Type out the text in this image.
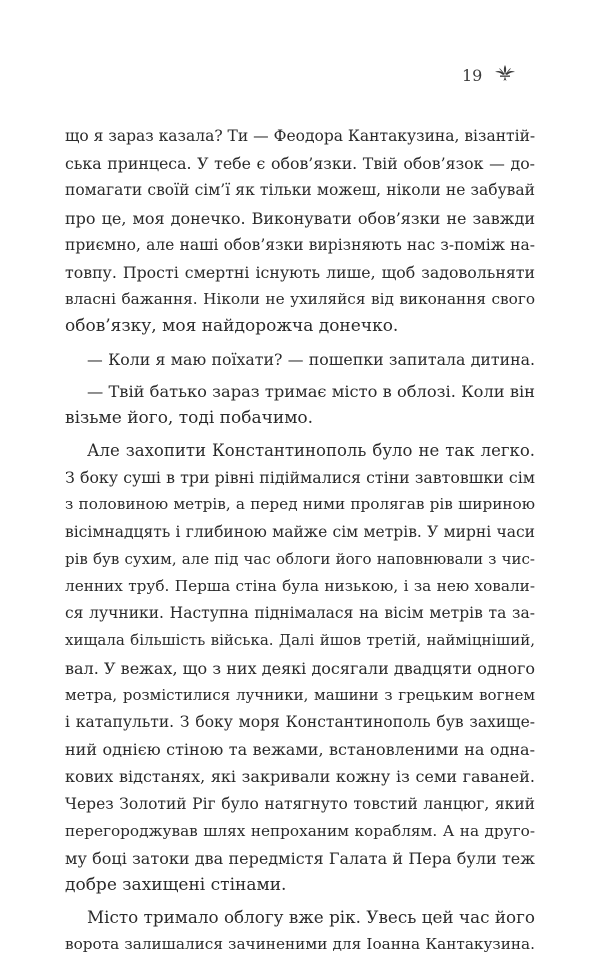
19
що я зараз казала? Ти — Феодора Кантакузина, візантій-
ська принцеса. У тебе є обов’язки. Твій обов’язок — до-
помагати своїй сім’ї як тільки можеш, ніколи не забувай
про це, моя донечко. Виконувати обов’язки не завжди
приємно, але наші обов’язки вирізняють нас з-поміж на-
товпу. Прості смертні існують лише, щоб задовольняти
власні бажання. Ніколи не ухиляйся від виконання свого
обов’язку, моя найдорожча донечко.
— Коли я маю поїхати? — пошепки запитала дитина.
— Твій батько зараз тримає місто в облозі. Коли він
візьме його, тоді побачимо.
Але захопити Константинополь було не так легко.
З боку суші в три рівні підіймалися стіни завтовшки сім
з половиною метрів, а перед ними пролягав рів шириною
вісімнадцять і глибиною майже сім метрів. У мирні часи
рів був сухим, але під час облоги його наповнювали з чис-
ленних труб. Перша стіна була низькою, і за нею ховали-
ся лучники. Наступна піднімалася на вісім метрів та за-
хищала більшість війська. Далі йшов третій, найміцніший,
вал. У вежах, що з них деякі досягали двадцяти одного
метра, розмістилися лучники, машини з грецьким вогнем
і катапульти. З боку моря Константинополь був захище-
ний однією стіною та вежами, встановленими на одна-
кових відстанях, які закривали кожну із семи гаваней.
Через Золотий Ріг було натягнуто товстий ланцюг, який
перегороджував шлях непроханим кораблям. А на друго-
му боці затоки два передмістя Галата й Пера були теж
добре захищені стінами.
Місто тримало облогу вже рік. Увесь цей час його
ворота залишалися зачиненими для Іоанна Кантакузина.
